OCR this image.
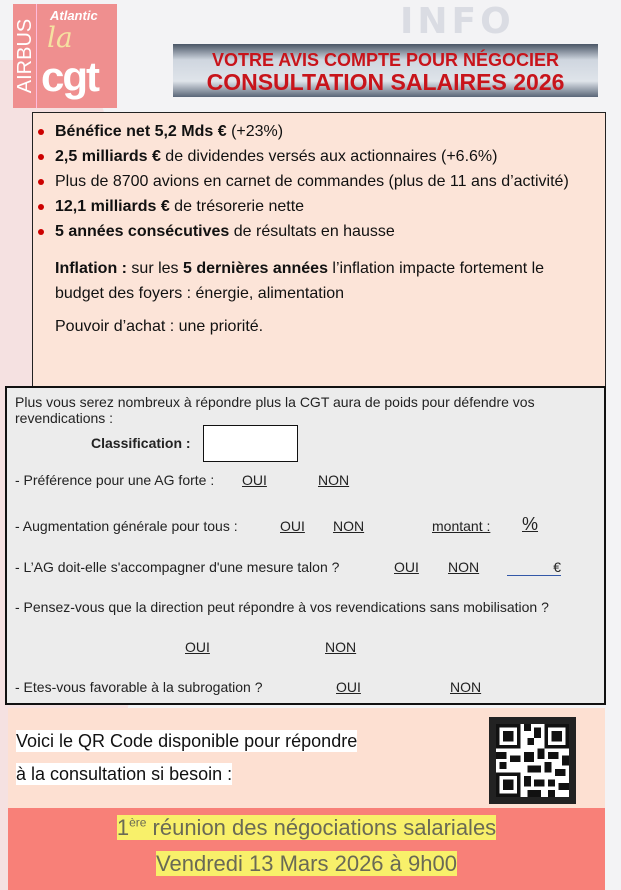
INFO
AIRBUS
Atlantic
la
cgt	VOTRE AVIS COMPTE POUR NÉGOCIER
CONSULTATION SALAIRES 2026
Bénéfice net 5,2 Mds € (+23%)
2,5 milliards € de dividendes versés aux actionnaires (+6.6%)
Plus de 8700 avions en carnet de commandes (plus de 11 ans d’activité)
12,1 milliards € de trésorerie nette
5 années consécutives de résultats en hausse

Inflation : sur les 5 dernières années l’inflation impacte fortement le budget des foyers : énergie, alimentation

Pouvoir d’achat : une priorité.

Plus vous serez nombreux à répondre plus la CGT aura de poids pour défendre vos revendications :
Classification :
- Préférence pour une AG forte : OUI	NON
- Augmentation générale pour tous :	OUI NON	montant : %
- L’AG doit-elle s'accompagner d'une mesure talon ?	OUI NON	€
- Pensez-vous que la direction peut répondre à vos revendications sans mobilisation ?
OUI	NON
- Etes-vous favorable à la subrogation ?	OUI	NON
Voici le QR Code disponible pour répondre
à la consultation si besoin :
1ère réunion des négociations salariales
Vendredi 13 Mars 2026 à 9h00
